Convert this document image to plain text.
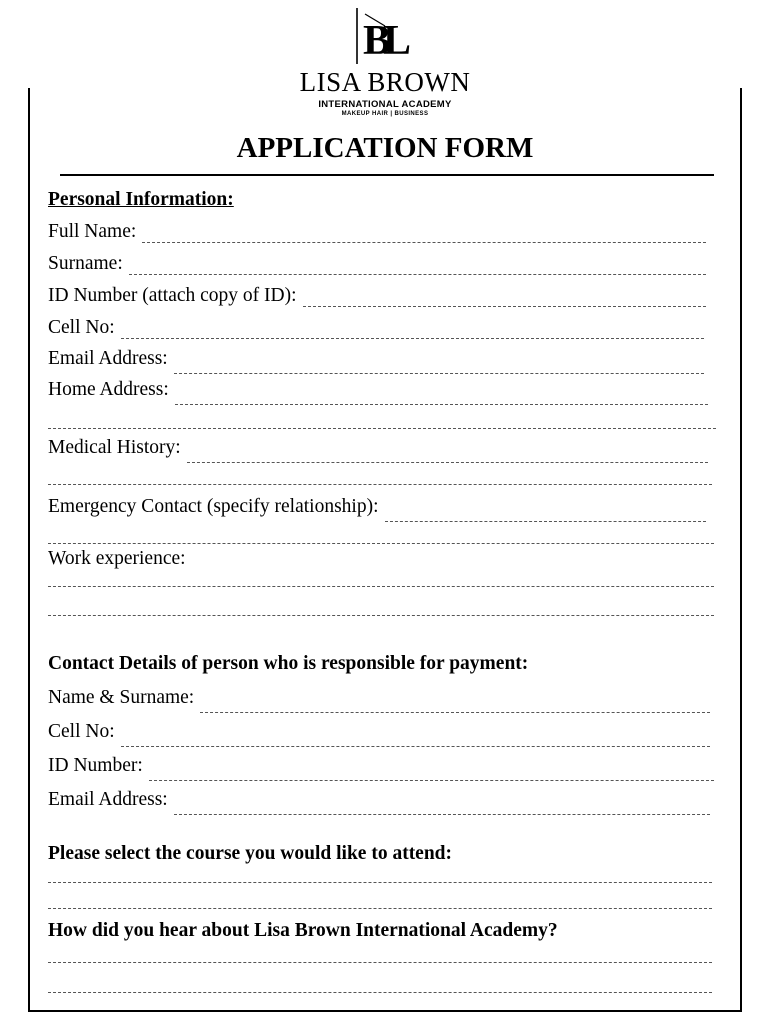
BL
LISA BROWN
INTERNATIONAL ACADEMY
MAKEUP HAIR | BUSINESS
APPLICATION FORM
Personal Information:
Full Name:
Surname:
ID Number (attach copy of ID):
Cell No:
Email Address:
Home Address:
Medical History:
Emergency Contact (specify relationship):
Work experience:
Contact Details of person who is responsible for payment:
Name & Surname:
Cell No:
ID Number:
Email Address:
Please select the course you would like to attend:
How did you hear about Lisa Brown International Academy?
